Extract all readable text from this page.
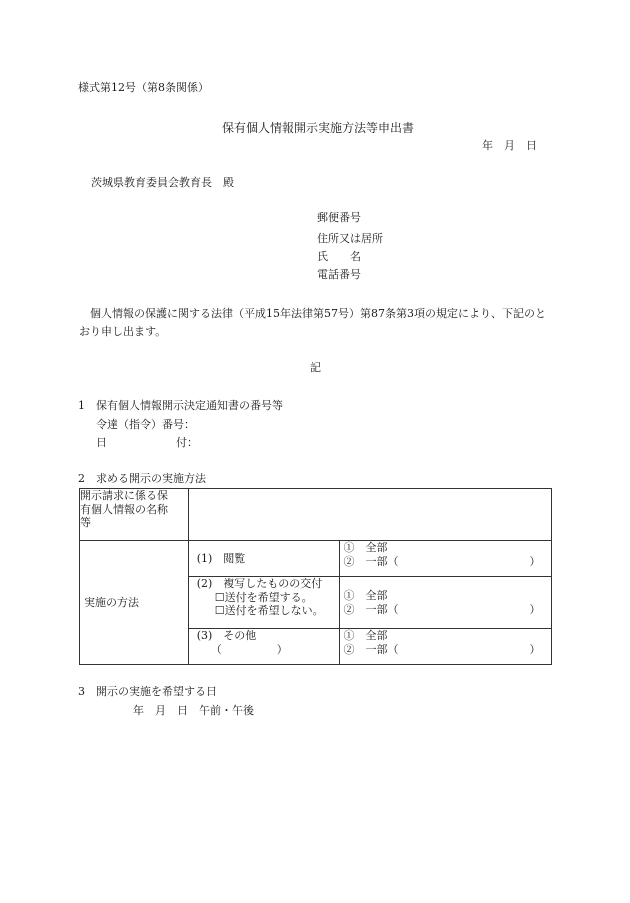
様式第12号（第8条関係）
保有個人情報開示実施方法等申出書
年　月　日
茨城県教育委員会教育長　殿
郵便番号
住所又は居所
氏　　名
電話番号
個人情報の保護に関する法律（平成15年法律第57号）第87条第3項の規定により、下記のと
おり申し出ます。
記
1　保有個人情報開示決定通知書の番号等
令達（指令）番号：
日	付：
2　求める開示の実施方法
開示請求に係る保
有個人情報の名称
等		

実施の方法	(1)　閲覧	①　全部
②　一部（ ）

	(2)　複写したものの交付
☐送付を希望する。
☐送付を希望しない。	①　全部
②　一部（ ）

	(3)　その他
（　　　　　）	①　全部
②　一部（ ）
3　開示の実施を希望する日
年　月　日　午前・午後
